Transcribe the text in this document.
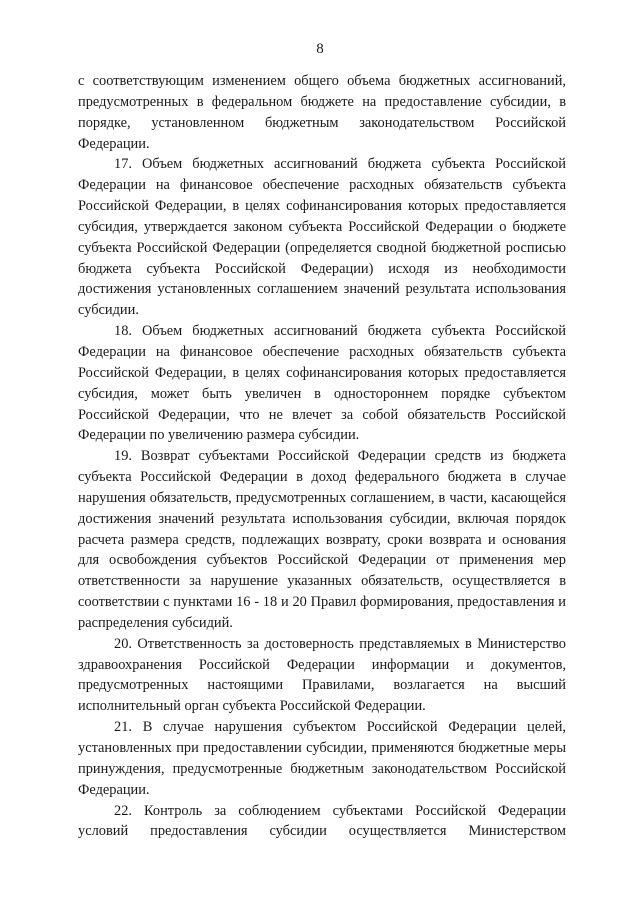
8

с соответствующим изменением общего объема бюджетных ассигнований, предусмотренных в федеральном бюджете на предоставление субсидии, в порядке, установленном бюджетным законодательством Российской Федерации.

17. Объем бюджетных ассигнований бюджета субъекта Российской Федерации на финансовое обеспечение расходных обязательств субъекта Российской Федерации, в целях софинансирования которых предоставляется субсидия, утверждается законом субъекта Российской Федерации о бюджете субъекта Российской Федерации (определяется сводной бюджетной росписью бюджета субъекта Российской Федерации) исходя из необходимости достижения установленных соглашением значений результата использования субсидии.

18. Объем бюджетных ассигнований бюджета субъекта Российской Федерации на финансовое обеспечение расходных обязательств субъекта Российской Федерации, в целях софинансирования которых предоставляется субсидия, может быть увеличен в одностороннем порядке субъектом Российской Федерации, что не влечет за собой обязательств Российской Федерации по увеличению размера субсидии.

19. Возврат субъектами Российской Федерации средств из бюджета субъекта Российской Федерации в доход федерального бюджета в случае нарушения обязательств, предусмотренных соглашением, в части, касающейся достижения значений результата использования субсидии, включая порядок расчета размера средств, подлежащих возврату, сроки возврата и основания для освобождения субъектов Российской Федерации от применения мер ответственности за нарушение указанных обязательств, осуществляется в соответствии с пунктами 16 - 18 и 20 Правил формирования, предоставления и распределения субсидий.

20. Ответственность за достоверность представляемых в Министерство здравоохранения Российской Федерации информации и документов, предусмотренных настоящими Правилами, возлагается на высший исполнительный орган субъекта Российской Федерации.

21. В случае нарушения субъектом Российской Федерации целей, установленных при предоставлении субсидии, применяются бюджетные меры принуждения, предусмотренные бюджетным законодательством Российской Федерации.

22. Контроль за соблюдением субъектами Российской Федерации условий предоставления субсидии осуществляется Министерством
